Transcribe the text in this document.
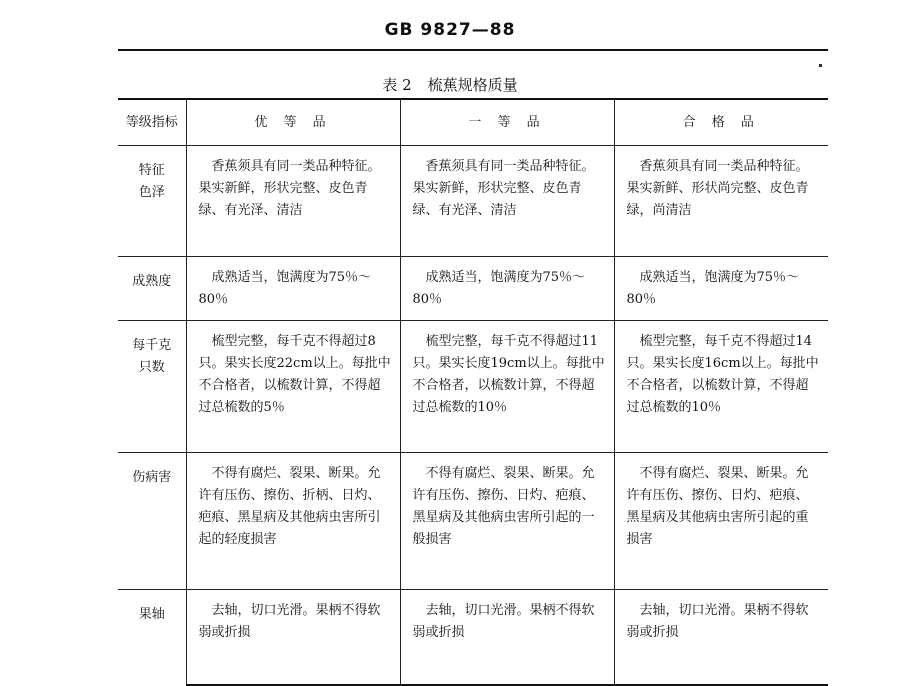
GB 9827—88
表 2 梳蕉规格质量
等级指标	优 等 品	一 等 品	合 格 品

特征
色泽	香蕉须具有同一类品种特征。果实新鲜，形状完整、皮色青绿、有光泽、清洁	香蕉须具有同一类品种特征。果实新鲜，形状完整、皮色青绿、有光泽、清洁	香蕉须具有同一类品种特征。果实新鲜、形状尚完整、皮色青绿，尚清洁

成熟度	成熟适当，饱满度为75％～80％	成熟适当，饱满度为75％～80％	成熟适当，饱满度为75％～80％

每千克
只数	梳型完整，每千克不得超过8只。果实长度22cm以上。每批中不合格者，以梳数计算，不得超过总梳数的5％	梳型完整，每千克不得超过11只。果实长度19cm以上。每批中不合格者，以梳数计算，不得超过总梳数的10％	梳型完整，每千克不得超过14只。果实长度16cm以上。每批中不合格者，以梳数计算，不得超过总梳数的10％

伤病害	不得有腐烂、裂果、断果。允许有压伤、擦伤、折柄、日灼、疤痕、黑星病及其他病虫害所引起的轻度损害	不得有腐烂、裂果、断果。允许有压伤、擦伤、日灼、疤痕、黑星病及其他病虫害所引起的一般损害	不得有腐烂、裂果、断果。允许有压伤、擦伤、日灼、疤痕、黑星病及其他病虫害所引起的重损害

果轴	去轴，切口光滑。果柄不得软弱或折损	去轴，切口光滑。果柄不得软弱或折损	去轴，切口光滑。果柄不得软弱或折损
